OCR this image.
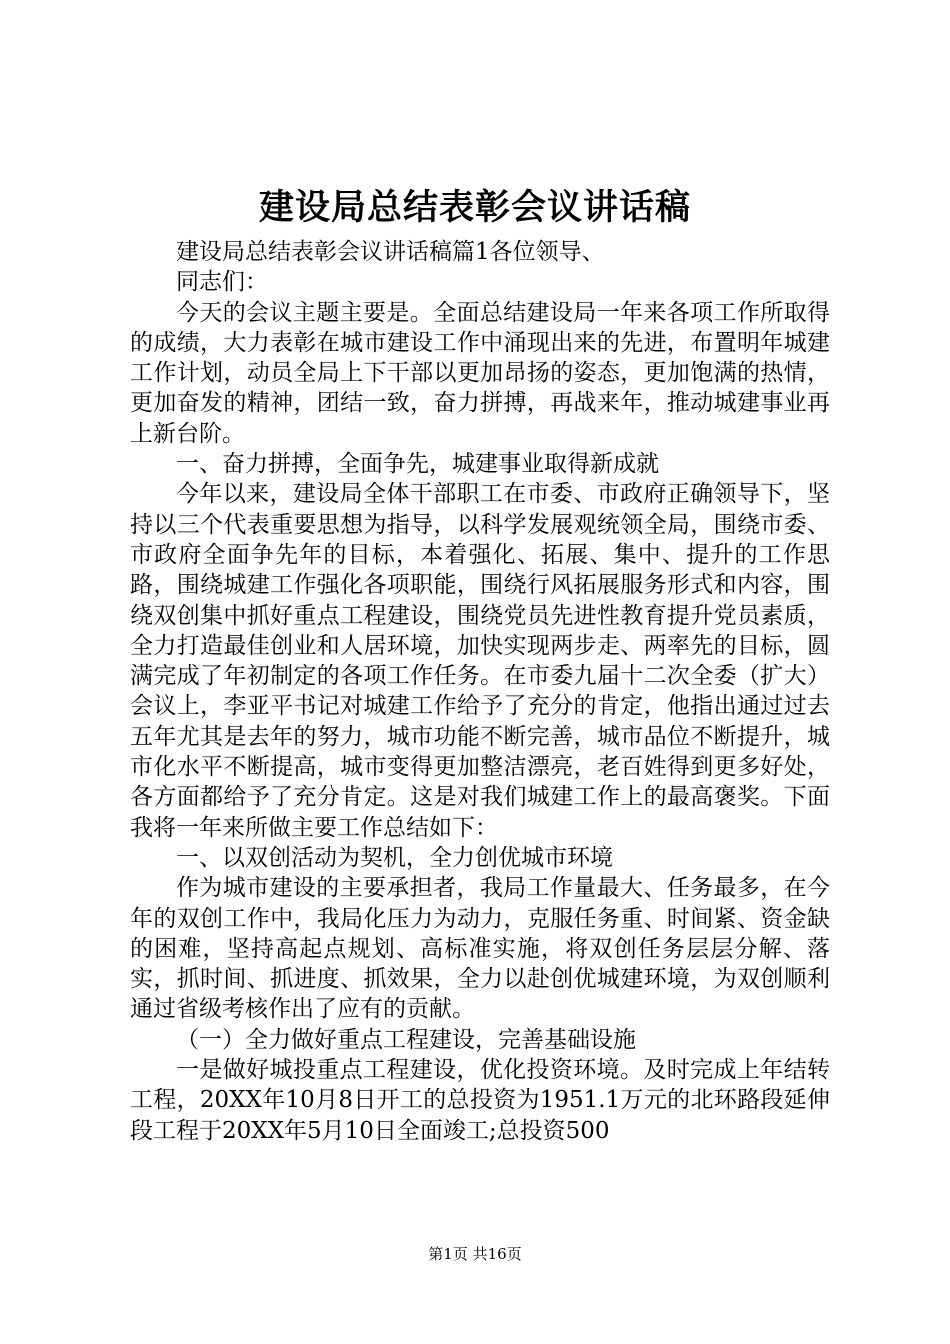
建设局总结表彰会议讲话稿

建设局总结表彰会议讲话稿篇1各位领导、

同志们：

今天的会议主题主要是。全面总结建设局一年来各项工作所取得的成绩，大力表彰在城市建设工作中涌现出来的先进，布置明年城建工作计划，动员全局上下干部以更加昂扬的姿态，更加饱满的热情，更加奋发的精神，团结一致，奋力拼搏，再战来年，推动城建事业再上新台阶。

一、奋力拼搏，全面争先，城建事业取得新成就

今年以来，建设局全体干部职工在市委、市政府正确领导下，坚持以三个代表重要思想为指导，以科学发展观统领全局，围绕市委、市政府全面争先年的目标，本着强化、拓展、集中、提升的工作思路，围绕城建工作强化各项职能，围绕行风拓展服务形式和内容，围绕双创集中抓好重点工程建设，围绕党员先进性教育提升党员素质，全力打造最佳创业和人居环境，加快实现两步走、两率先的目标，圆满完成了年初制定的各项工作任务。在市委九届十二次全委（扩大）会议上，李亚平书记对城建工作给予了充分的肯定，他指出通过过去五年尤其是去年的努力，城市功能不断完善，城市品位不断提升，城市化水平不断提高，城市变得更加整洁漂亮，老百姓得到更多好处，各方面都给予了充分肯定。这是对我们城建工作上的最高褒奖。下面我将一年来所做主要工作总结如下：

一、以双创活动为契机，全力创优城市环境

作为城市建设的主要承担者，我局工作量最大、任务最多，在今年的双创工作中，我局化压力为动力，克服任务重、时间紧、资金缺的困难，坚持高起点规划、高标准实施，将双创任务层层分解、落实，抓时间、抓进度、抓效果，全力以赴创优城建环境，为双创顺利通过省级考核作出了应有的贡献。

（一）全力做好重点工程建设，完善基础设施

一是做好城投重点工程建设，优化投资环境。及时完成上年结转工程，20XX年10月8日开工的总投资为1951.1万元的北环路段延伸段工程于20XX年5月10日全面竣工;总投资500

第1页 共16页
